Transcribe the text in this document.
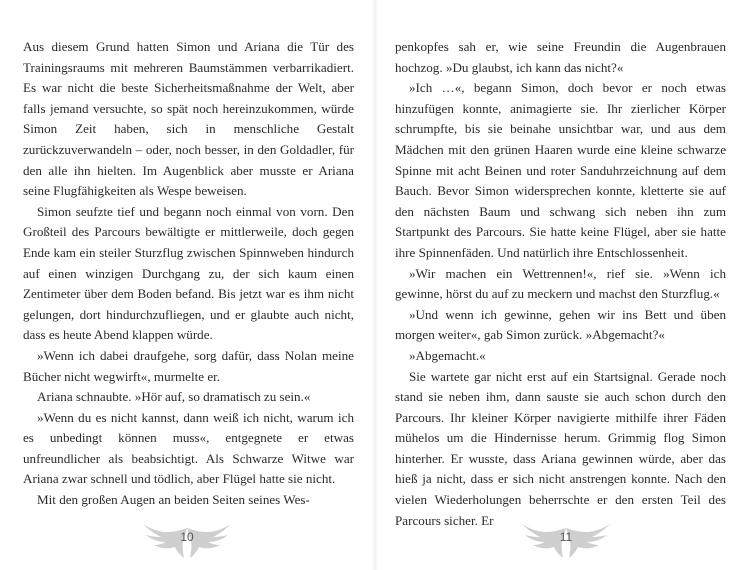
Aus diesem Grund hatten Simon und Ariana die Tür des Trainingsraums mit mehreren Baumstämmen verbarrikadiert. Es war nicht die beste Sicherheitsmaßnahme der Welt, aber falls jemand versuchte, so spät noch hereinzukommen, würde Simon Zeit haben, sich in menschliche Gestalt zurückzuverwandeln – oder, noch besser, in den Goldadler, für den alle ihn hielten. Im Augenblick aber musste er Ariana seine Flugfähigkeiten als Wespe beweisen.

Simon seufzte tief und begann noch einmal von vorn. Den Großteil des Parcours bewältigte er mittlerweile, doch gegen Ende kam ein steiler Sturzflug zwischen Spinnweben hindurch auf einen winzigen Durchgang zu, der sich kaum einen Zentimeter über dem Boden befand. Bis jetzt war es ihm nicht gelungen, dort hindurchzufliegen, und er glaubte auch nicht, dass es heute Abend klappen würde.

»Wenn ich dabei draufgehe, sorg dafür, dass Nolan meine Bücher nicht wegwirft«, murmelte er.

Ariana schnaubte. »Hör auf, so dramatisch zu sein.«

»Wenn du es nicht kannst, dann weiß ich nicht, warum ich es unbedingt können muss«, entgegnete er etwas unfreundlicher als beabsichtigt. Als Schwarze Witwe war Ariana zwar schnell und tödlich, aber Flügel hatte sie nicht.

Mit den großen Augen an beiden Seiten seines Wes-

10

penkopfes sah er, wie seine Freundin die Augenbrauen hochzog. »Du glaubst, ich kann das nicht?«

»Ich …«, begann Simon, doch bevor er noch etwas hinzufügen konnte, animagierte sie. Ihr zierlicher Körper schrumpfte, bis sie beinahe unsichtbar war, und aus dem Mädchen mit den grünen Haaren wurde eine kleine schwarze Spinne mit acht Beinen und roter Sanduhrzeichnung auf dem Bauch. Bevor Simon widersprechen konnte, kletterte sie auf den nächsten Baum und schwang sich neben ihn zum Startpunkt des Parcours. Sie hatte keine Flügel, aber sie hatte ihre Spinnenfäden. Und natürlich ihre Entschlossenheit.

»Wir machen ein Wettrennen!«, rief sie. »Wenn ich gewinne, hörst du auf zu meckern und machst den Sturzflug.«

»Und wenn ich gewinne, gehen wir ins Bett und üben morgen weiter«, gab Simon zurück. »Abgemacht?«

»Abgemacht.«

Sie wartete gar nicht erst auf ein Startsignal. Gerade noch stand sie neben ihm, dann sauste sie auch schon durch den Parcours. Ihr kleiner Körper navigierte mithilfe ihrer Fäden mühelos um die Hindernisse herum. Grimmig flog Simon hinterher. Er wusste, dass Ariana gewinnen würde, aber das hieß ja nicht, dass er sich nicht anstrengen konnte. Nach den vielen Wiederholungen beherrschte er den ersten Teil des Parcours sicher. Er

11
